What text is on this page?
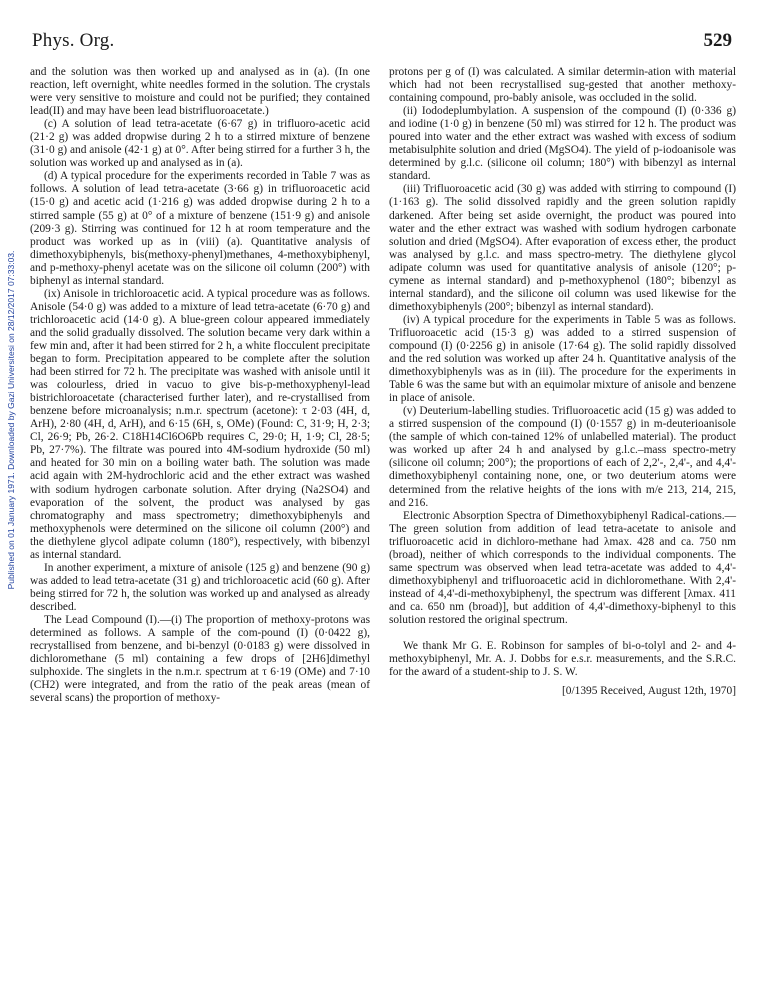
Phys. Org.	529
Published on 01 January 1971. Downloaded by Gazi Universitesi on 28/12/2017 07:33:03.

and the solution was then worked up and analysed as in (a). (In one reaction, left overnight, white needles formed in the solution. The crystals were very sensitive to moisture and could not be purified; they contained lead(II) and may have been lead bistrifluoroacetate.)

(c) A solution of lead tetra-acetate (6·67 g) in trifluoro-acetic acid (21·2 g) was added dropwise during 2 h to a stirred mixture of benzene (31·0 g) and anisole (42·1 g) at 0°. After being stirred for a further 3 h, the solution was worked up and analysed as in (a).

(d) A typical procedure for the experiments recorded in Table 7 was as follows. A solution of lead tetra-acetate (3·66 g) in trifluoroacetic acid (15·0 g) and acetic acid (1·216 g) was added dropwise during 2 h to a stirred sample (55 g) at 0° of a mixture of benzene (151·9 g) and anisole (209·3 g). Stirring was continued for 12 h at room temperature and the product was worked up as in (viii) (a). Quantitative analysis of dimethoxybiphenyls, bis(methoxy-phenyl)methanes, 4-methoxybiphenyl, and p-methoxy-phenyl acetate was on the silicone oil column (200°) with biphenyl as internal standard.

(ix) Anisole in trichloroacetic acid. A typical procedure was as follows. Anisole (54·0 g) was added to a mixture of lead tetra-acetate (6·70 g) and trichloroacetic acid (14·0 g). A blue-green colour appeared immediately and the solid gradually dissolved. The solution became very dark within a few min and, after it had been stirred for 2 h, a white flocculent precipitate began to form. Precipitation appeared to be complete after the solution had been stirred for 72 h. The precipitate was washed with anisole until it was colourless, dried in vacuo to give bis-p-methoxyphenyl-lead bistrichloroacetate (characterised further later), and re-crystallised from benzene before microanalysis; n.m.r. spectrum (acetone): τ 2·03 (4H, d, ArH), 2·80 (4H, d, ArH), and 6·15 (6H, s, OMe) (Found: C, 31·9; H, 2·3; Cl, 26·9; Pb, 26·2. C18H14Cl6O6Pb requires C, 29·0; H, 1·9; Cl, 28·5; Pb, 27·7%). The filtrate was poured into 4M-sodium hydroxide (50 ml) and heated for 30 min on a boiling water bath. The solution was made acid again with 2M-hydrochloric acid and the ether extract was washed with sodium hydrogen carbonate solution. After drying (Na2SO4) and evaporation of the solvent, the product was analysed by gas chromatography and mass spectrometry; dimethoxybiphenyls and methoxyphenols were determined on the silicone oil column (200°) and the diethylene glycol adipate column (180°), respectively, with bibenzyl as internal standard.

In another experiment, a mixture of anisole (125 g) and benzene (90 g) was added to lead tetra-acetate (31 g) and trichloroacetic acid (60 g). After being stirred for 72 h, the solution was worked up and analysed as already described.

The Lead Compound (I).—(i) The proportion of methoxy-protons was determined as follows. A sample of the com-pound (I) (0·0422 g), recrystallised from benzene, and bi-benzyl (0·0183 g) were dissolved in dichloromethane (5 ml) containing a few drops of [2H6]dimethyl sulphoxide. The singlets in the n.m.r. spectrum at τ 6·19 (OMe) and 7·10 (CH2) were integrated, and from the ratio of the peak areas (mean of several scans) the proportion of methoxy-

protons per g of (I) was calculated. A similar determin-ation with material which had not been recrystallised sug-gested that another methoxy-containing compound, pro-bably anisole, was occluded in the solid.

(ii) Iododeplumbylation. A suspension of the compound (I) (0·336 g) and iodine (1·0 g) in benzene (50 ml) was stirred for 12 h. The product was poured into water and the ether extract was washed with excess of sodium metabisulphite solution and dried (MgSO4). The yield of p-iodoanisole was determined by g.l.c. (silicone oil column; 180°) with bibenzyl as internal standard.

(iii) Trifluoroacetic acid (30 g) was added with stirring to compound (I) (1·163 g). The solid dissolved rapidly and the green solution rapidly darkened. After being set aside overnight, the product was poured into water and the ether extract was washed with sodium hydrogen carbonate solution and dried (MgSO4). After evaporation of excess ether, the product was analysed by g.l.c. and mass spectro-metry. The diethylene glycol adipate column was used for quantitative analysis of anisole (120°; p-cymene as internal standard) and p-methoxyphenol (180°; bibenzyl as internal standard), and the silicone oil column was used likewise for the dimethoxybiphenyls (200°; bibenzyl as internal standard).

(iv) A typical procedure for the experiments in Table 5 was as follows. Trifluoroacetic acid (15·3 g) was added to a stirred suspension of compound (I) (0·2256 g) in anisole (17·64 g). The solid rapidly dissolved and the red solution was worked up after 24 h. Quantitative analysis of the dimethoxybiphenyls was as in (iii). The procedure for the experiments in Table 6 was the same but with an equimolar mixture of anisole and benzene in place of anisole.

(v) Deuterium-labelling studies. Trifluoroacetic acid (15 g) was added to a stirred suspension of the compound (I) (0·1557 g) in m-deuterioanisole (the sample of which con-tained 12% of unlabelled material). The product was worked up after 24 h and analysed by g.l.c.–mass spectro-metry (silicone oil column; 200°); the proportions of each of 2,2'-, 2,4'-, and 4,4'-dimethoxybiphenyl containing none, one, or two deuterium atoms were determined from the relative heights of the ions with m/e 213, 214, 215, and 216.

Electronic Absorption Spectra of Dimethoxybiphenyl Radical-cations.—The green solution from addition of lead tetra-acetate to anisole and trifluoroacetic acid in dichloro-methane had λmax. 428 and ca. 750 nm (broad), neither of which corresponds to the individual components. The same spectrum was observed when lead tetra-acetate was added to 4,4'-dimethoxybiphenyl and trifluoroacetic acid in dichloromethane. With 2,4'- instead of 4,4'-di-methoxybiphenyl, the spectrum was different [λmax. 411 and ca. 650 nm (broad)], but addition of 4,4'-dimethoxy-biphenyl to this solution restored the original spectrum.

We thank Mr G. E. Robinson for samples of bi-o-tolyl and 2- and 4-methoxybiphenyl, Mr. A. J. Dobbs for e.s.r. measurements, and the S.R.C. for the award of a student-ship to J. S. W.

[0/1395 Received, August 12th, 1970]
